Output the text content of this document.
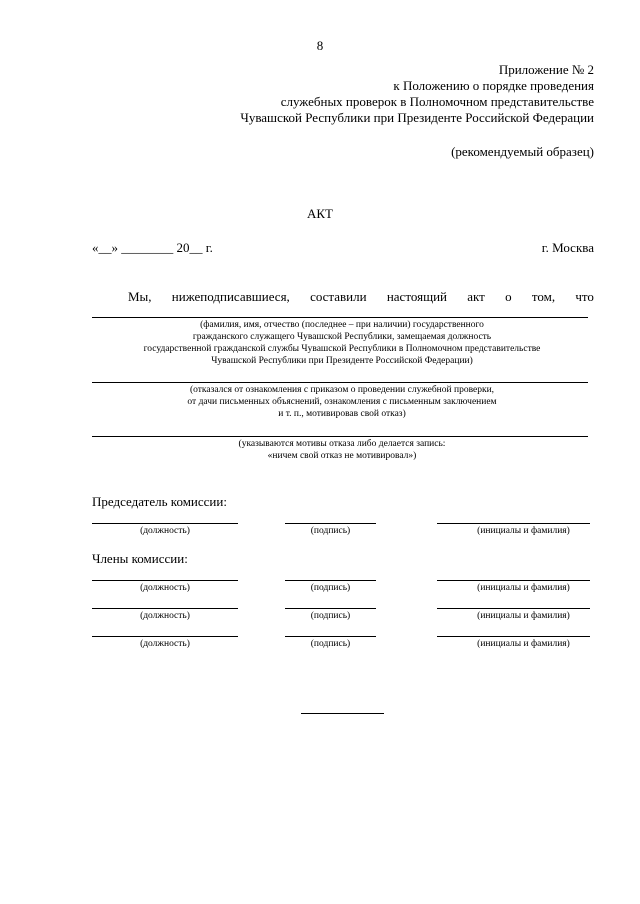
8
Приложение № 2
к Положению о порядке проведения
служебных проверок в Полномочном представительстве
Чувашской Республики при Президенте Российской Федерации
(рекомендуемый образец)
АКТ
«__» ________ 20__ г.	г. Москва
Мы, нижеподписавшиеся, составили настоящий акт о том, что
(фамилия, имя, отчество (последнее – при наличии) государственного
гражданского служащего Чувашской Республики, замещаемая должность
государственной гражданской службы Чувашской Республики в Полномочном представительстве
Чувашской Республики при Президенте Российской Федерации)
(отказался от ознакомления с приказом о проведении служебной проверки,
от дачи письменных объяснений, ознакомления с письменным заключением
и т. п., мотивировав свой отказ)
(указываются мотивы отказа либо делается запись:
«ничем свой отказ не мотивировал»)
Председатель комиссии:
(должность)	(подпись)	(инициалы и фамилия)
Члены комиссии:
(должность)	(подпись)	(инициалы и фамилия)
(должность)	(подпись)	(инициалы и фамилия)
(должность)	(подпись)	(инициалы и фамилия)
